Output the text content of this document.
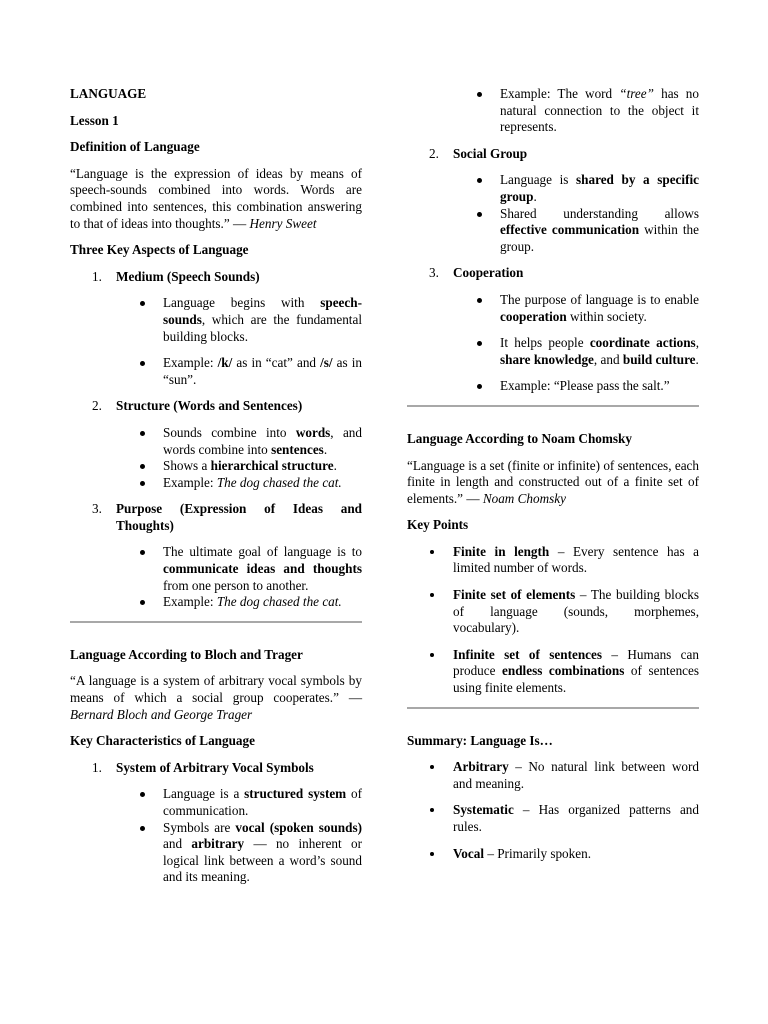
LANGUAGE

Lesson 1

Definition of Language

“Language is the expression of ideas by means of speech-sounds combined into words. Words are combined into sentences, this combination answering to that of ideas into thoughts.” — Henry Sweet

Three Key Aspects of Language

1. Medium (Speech Sounds)
Language begins with speech-sounds, which are the fundamental building blocks.
Example: /k/ as in “cat” and /s/ as in “sun”.
2. Structure (Words and Sentences)
Sounds combine into words, and words combine into sentences.
Shows a hierarchical structure.
Example: The dog chased the cat.
3. Purpose (Expression of Ideas and Thoughts)
The ultimate goal of language is to communicate ideas and thoughts from one person to another.
Example: The dog chased the cat.

Language According to Bloch and Trager

“A language is a system of arbitrary vocal symbols by means of which a social group cooperates.” — Bernard Bloch and George Trager

Key Characteristics of Language

1. System of Arbitrary Vocal Symbols
Language is a structured system of communication.
Symbols are vocal (spoken sounds) and arbitrary — no inherent or logical link between a word’s sound and its meaning.
Example: The word “tree” has no natural connection to the object it represents.
2. Social Group
Language is shared by a specific group.
Shared understanding allows effective communication within the group.
3. Cooperation
The purpose of language is to enable cooperation within society.
It helps people coordinate actions, share knowledge, and build culture.
Example: “Please pass the salt.”

Language According to Noam Chomsky

“Language is a set (finite or infinite) of sentences, each finite in length and constructed out of a finite set of elements.” — Noam Chomsky

Key Points

Finite in length – Every sentence has a limited number of words.
Finite set of elements – The building blocks of language (sounds, morphemes, vocabulary).
Infinite set of sentences – Humans can produce endless combinations of sentences using finite elements.

Summary: Language Is…

Arbitrary – No natural link between word and meaning.
Systematic – Has organized patterns and rules.
Vocal – Primarily spoken.
